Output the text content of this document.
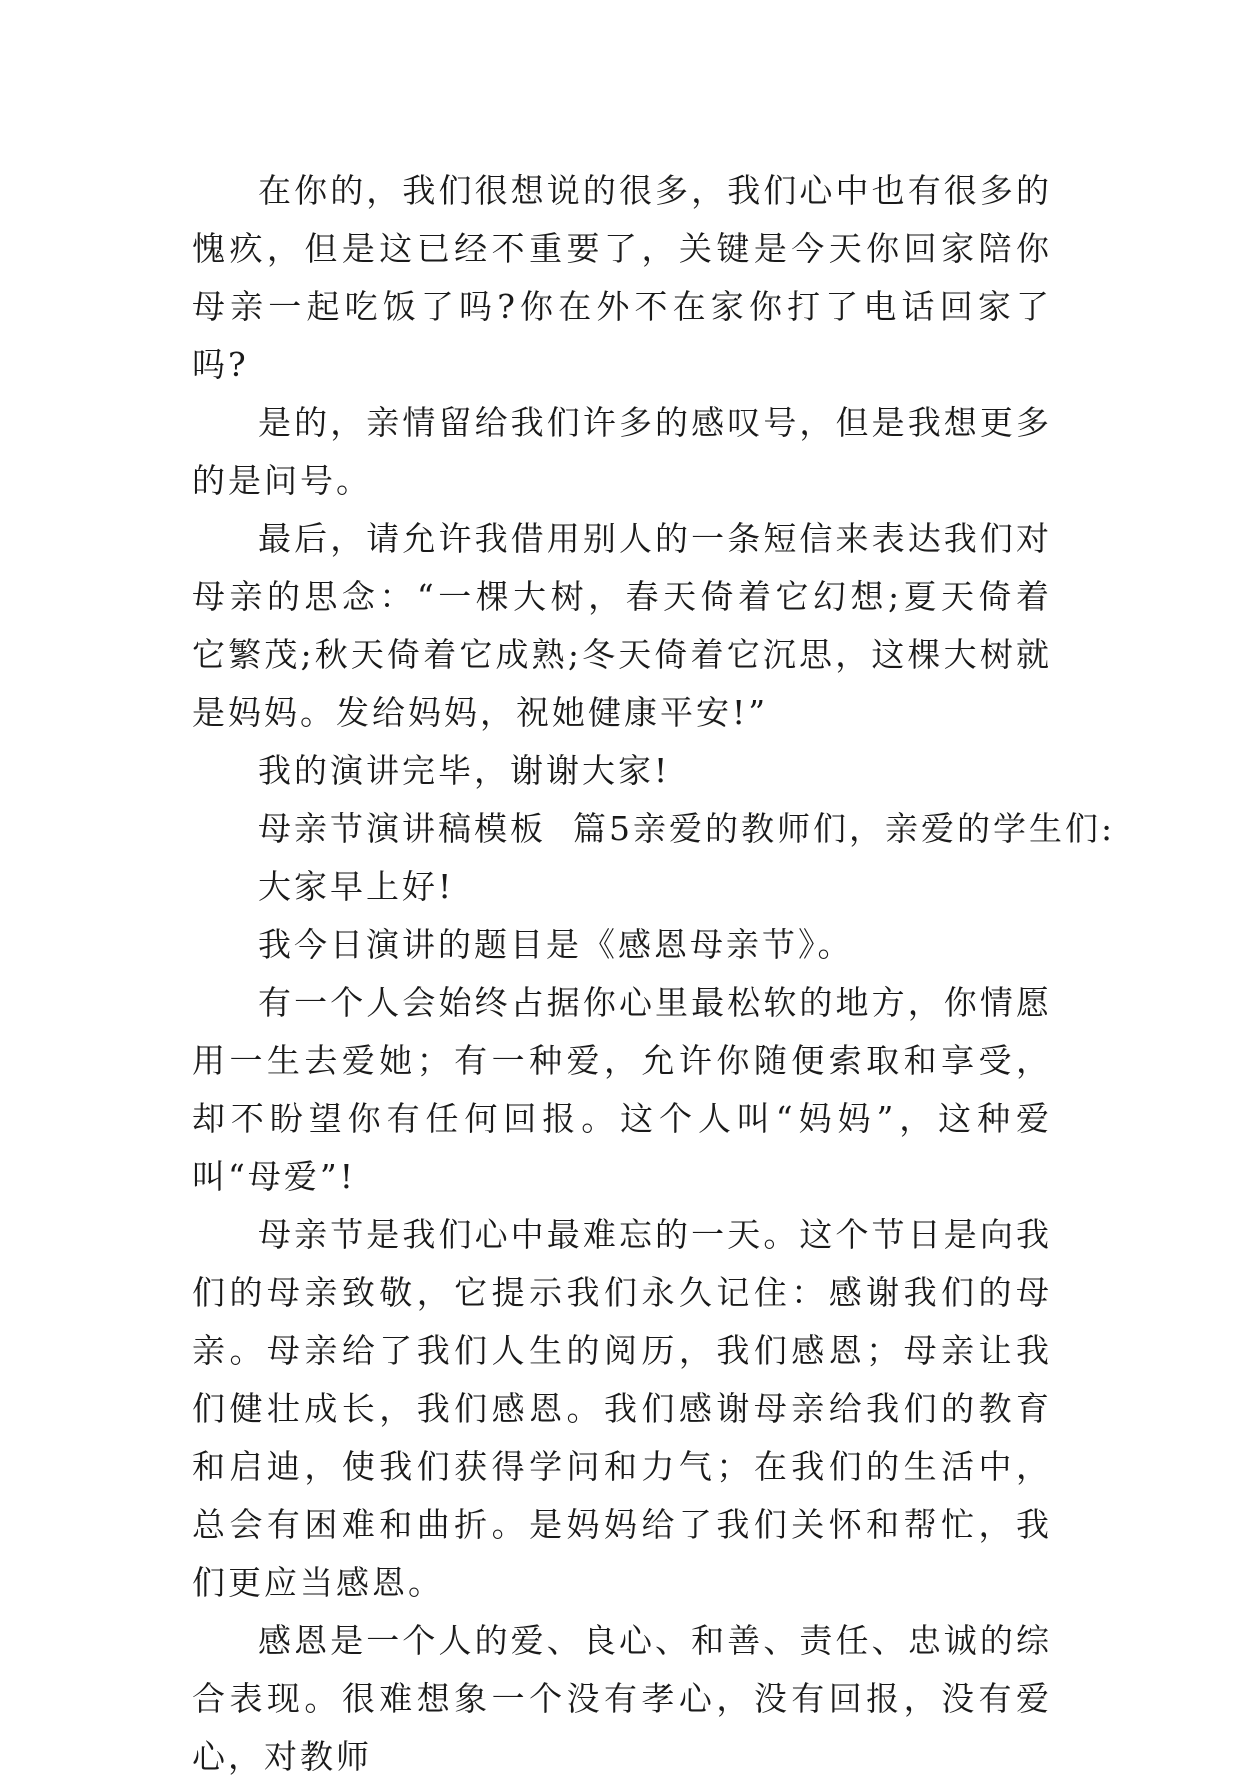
在你的，我们很想说的很多，我们心中也有很多的愧疚，但是这已经不重要了，关键是今天你回家陪你母亲一起吃饭了吗?你在外不在家你打了电话回家了吗?

是的，亲情留给我们许多的感叹号，但是我想更多的是问号。

最后，请允许我借用别人的一条短信来表达我们对母亲的思念：“一棵大树，春天倚着它幻想;夏天倚着它繁茂;秋天倚着它成熟;冬天倚着它沉思，这棵大树就是妈妈。发给妈妈，祝她健康平安!”

我的演讲完毕，谢谢大家!

母亲节演讲稿模板  篇5亲爱的教师们，亲爱的学生们:

大家早上好!

我今日演讲的题目是《感恩母亲节》。

有一个人会始终占据你心里最松软的地方，你情愿用一生去爱她；有一种爱，允许你随便索取和享受，却不盼望你有任何回报。这个人叫“妈妈”，这种爱叫“母爱”!

母亲节是我们心中最难忘的一天。这个节日是向我们的母亲致敬，它提示我们永久记住：感谢我们的母亲。母亲给了我们人生的阅历，我们感恩；母亲让我们健壮成长，我们感恩。我们感谢母亲给我们的教育和启迪，使我们获得学问和力气；在我们的生活中，总会有困难和曲折。是妈妈给了我们关怀和帮忙，我们更应当感恩。

感恩是一个人的爱、良心、和善、责任、忠诚的综合表现。很难想象一个没有孝心，没有回报，没有爱心，对教师
